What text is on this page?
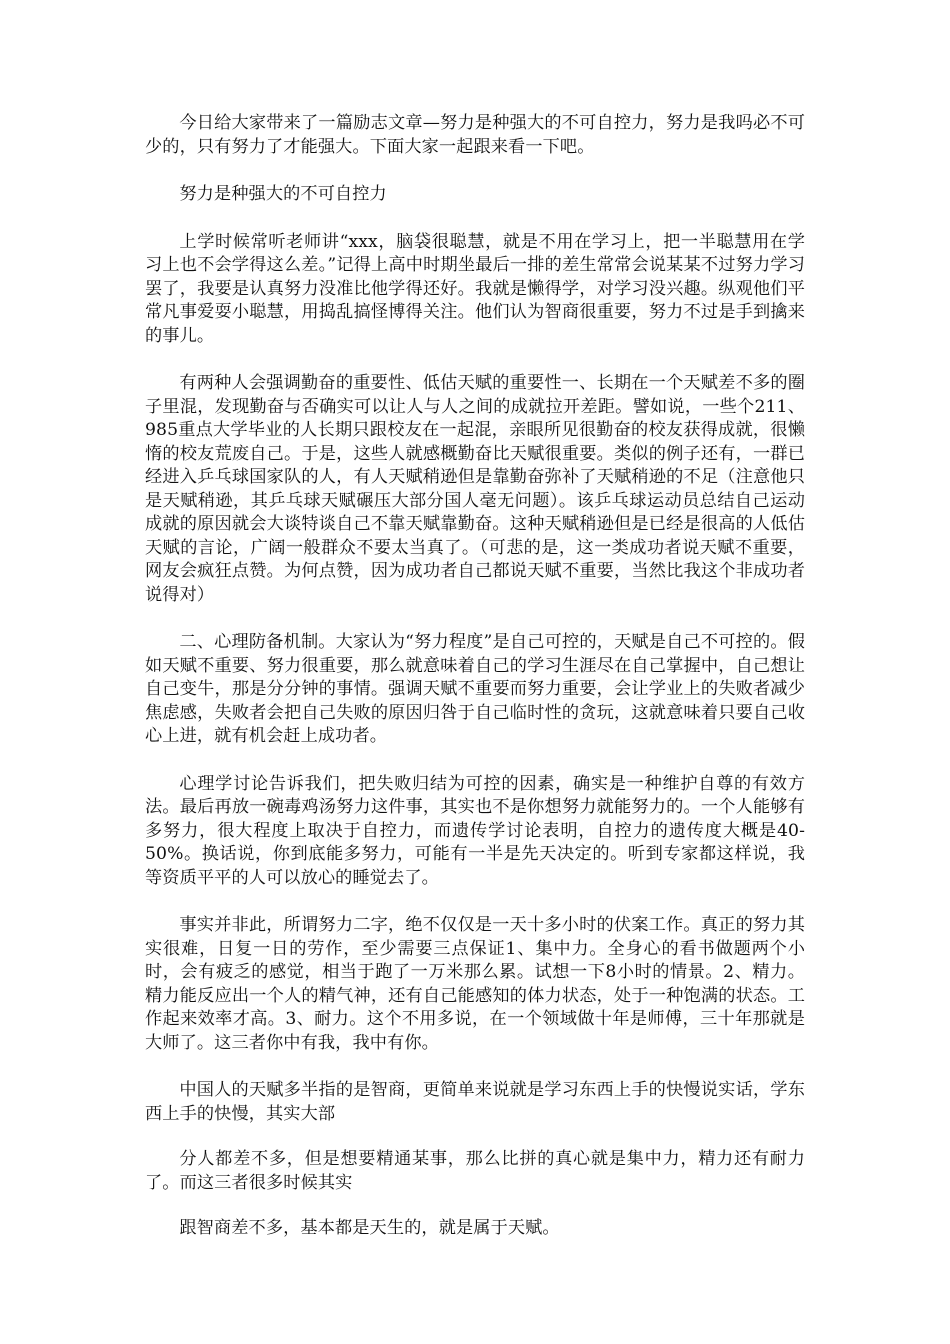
今日给大家带来了一篇励志文章—努力是种强大的不可自控力，努力是我吗必不可少的，只有努力了才能强大。下面大家一起跟来看一下吧。

努力是种强大的不可自控力

上学时候常听老师讲“xxx，脑袋很聪慧，就是不用在学习上，把一半聪慧用在学习上也不会学得这么差。”记得上高中时期坐最后一排的差生常常会说某某不过努力学习罢了，我要是认真努力没准比他学得还好。我就是懒得学，对学习没兴趣。纵观他们平常凡事爱耍小聪慧，用捣乱搞怪博得关注。他们认为智商很重要，努力不过是手到擒来的事儿。

有两种人会强调勤奋的重要性、低估天赋的重要性一、长期在一个天赋差不多的圈子里混，发现勤奋与否确实可以让人与人之间的成就拉开差距。譬如说，一些个211、985重点大学毕业的人长期只跟校友在一起混，亲眼所见很勤奋的校友获得成就，很懒惰的校友荒废自己。于是，这些人就感概勤奋比天赋很重要。类似的例子还有，一群已经进入乒乓球国家队的人，有人天赋稍逊但是靠勤奋弥补了天赋稍逊的不足（注意他只是天赋稍逊，其乒乓球天赋碾压大部分国人毫无问题）。该乒乓球运动员总结自己运动成就的原因就会大谈特谈自己不靠天赋靠勤奋。这种天赋稍逊但是已经是很高的人低估天赋的言论，广阔一般群众不要太当真了。（可悲的是，这一类成功者说天赋不重要，网友会疯狂点赞。为何点赞，因为成功者自己都说天赋不重要，当然比我这个非成功者说得对）

二、心理防备机制。大家认为“努力程度”是自己可控的，天赋是自己不可控的。假如天赋不重要、努力很重要，那么就意味着自己的学习生涯尽在自己掌握中，自己想让自己变牛，那是分分钟的事情。强调天赋不重要而努力重要，会让学业上的失败者减少焦虑感，失败者会把自己失败的原因归咎于自己临时性的贪玩，这就意味着只要自己收心上进，就有机会赶上成功者。

心理学讨论告诉我们，把失败归结为可控的因素，确实是一种维护自尊的有效方法。最后再放一碗毒鸡汤努力这件事，其实也不是你想努力就能努力的。一个人能够有多努力，很大程度上取决于自控力，而遗传学讨论表明，自控力的遗传度大概是40-50%。换话说，你到底能多努力，可能有一半是先天决定的。听到专家都这样说，我等资质平平的人可以放心的睡觉去了。

事实并非此，所谓努力二字，绝不仅仅是一天十多小时的伏案工作。真正的努力其实很难，日复一日的劳作，至少需要三点保证1、集中力。全身心的看书做题两个小时，会有疲乏的感觉，相当于跑了一万米那么累。试想一下8小时的情景。2、精力。精力能反应出一个人的精气神，还有自己能感知的体力状态，处于一种饱满的状态。工作起来效率才高。3、耐力。这个不用多说，在一个领域做十年是师傅，三十年那就是大师了。这三者你中有我，我中有你。

中国人的天赋多半指的是智商，更简单来说就是学习东西上手的快慢说实话，学东西上手的快慢，其实大部

分人都差不多，但是想要精通某事，那么比拼的真心就是集中力，精力还有耐力了。而这三者很多时候其实

跟智商差不多，基本都是天生的，就是属于天赋。
